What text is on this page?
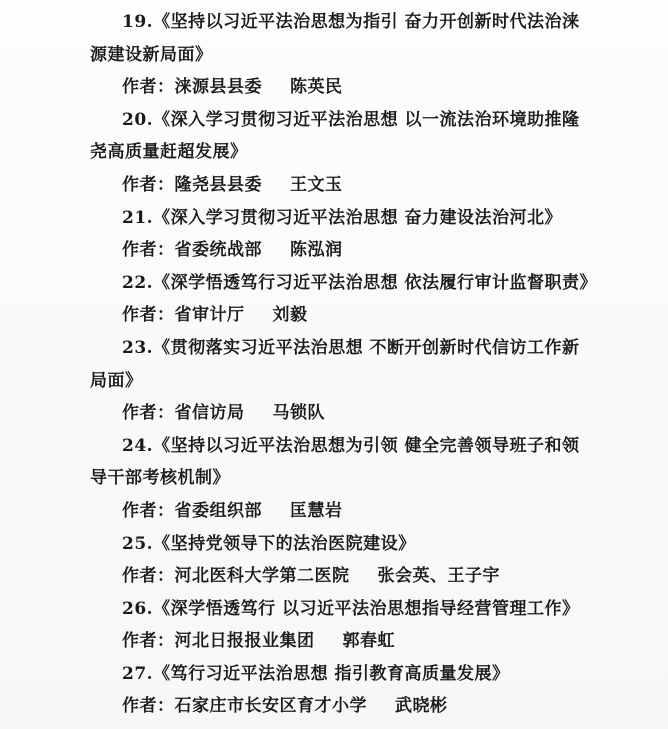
19.《坚持以习近平法治思想为指引 奋力开创新时代法治涞
源建设新局面》
作者：涞源县县委 陈英民
20.《深入学习贯彻习近平法治思想 以一流法治环境助推隆
尧高质量赶超发展》
作者：隆尧县县委 王文玉
21.《深入学习贯彻习近平法治思想 奋力建设法治河北》
作者：省委统战部 陈泓润
22.《深学悟透笃行习近平法治思想 依法履行审计监督职责》
作者：省审计厅 刘毅
23.《贯彻落实习近平法治思想 不断开创新时代信访工作新
局面》
作者：省信访局 马锁队
24.《坚持以习近平法治思想为引领 健全完善领导班子和领
导干部考核机制》
作者：省委组织部 匡慧岩
25.《坚持党领导下的法治医院建设》
作者：河北医科大学第二医院 张会英、王子宇
26.《深学悟透笃行 以习近平法治思想指导经营管理工作》
作者：河北日报报业集团 郭春虹
27.《笃行习近平法治思想 指引教育高质量发展》
作者：石家庄市长安区育才小学 武晓彬
